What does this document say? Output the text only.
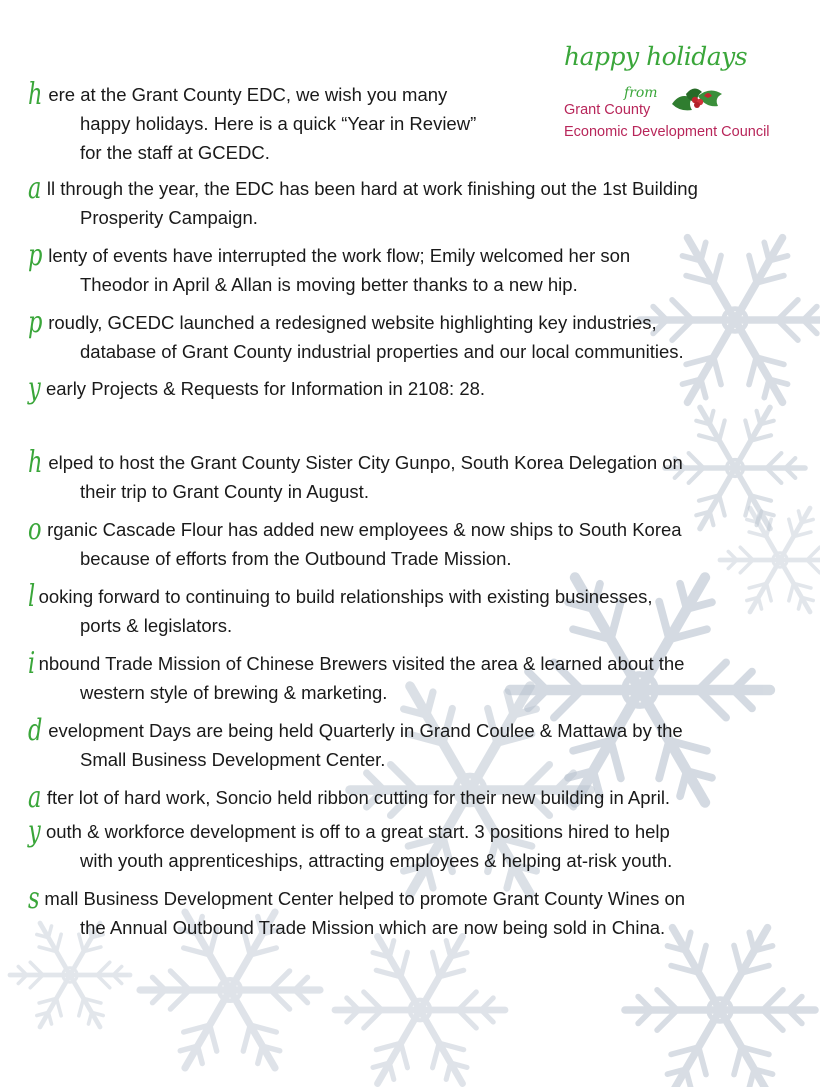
happy holidays
from
Grant County
Economic Development Council
h ere at the Grant County EDC, we wish you many
happy holidays. Here is a quick “Year in Review”
for the staff at GCEDC.
a ll through the year, the EDC has been hard at work finishing out the 1st Building
Prosperity Campaign.
p lenty of events have interrupted the work flow; Emily welcomed her son
Theodor in April & Allan is moving better thanks to a new hip.
p roudly, GCEDC launched a redesigned website highlighting key industries,
database of Grant County industrial properties and our local communities.
y early Projects & Requests for Information in 2108: 28.
h elped to host the Grant County Sister City Gunpo, South Korea Delegation on
their trip to Grant County in August.
o rganic Cascade Flour has added new employees & now ships to South Korea
because of efforts from the Outbound Trade Mission.
l ooking forward to continuing to build relationships with existing businesses,
ports & legislators.
i nbound Trade Mission of Chinese Brewers visited the area & learned about the
western style of brewing & marketing.
d evelopment Days are being held Quarterly in Grand Coulee & Mattawa by the
Small Business Development Center.
a fter lot of hard work, Soncio held ribbon cutting for their new building in April.
y outh & workforce development is off to a great start. 3 positions hired to help
with youth apprenticeships, attracting employees & helping at-risk youth.
s mall Business Development Center helped to promote Grant County Wines on
the Annual Outbound Trade Mission which are now being sold in China.
